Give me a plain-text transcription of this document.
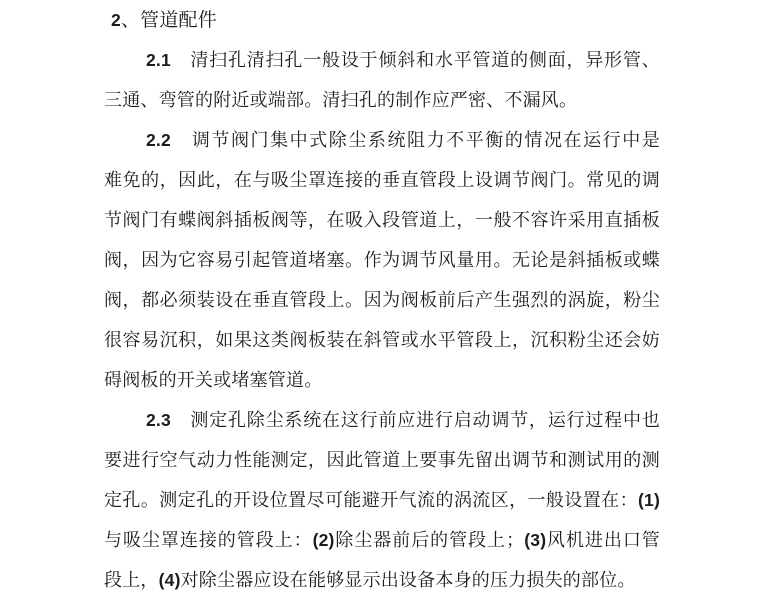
2、管道配件
2.1　清扫孔清扫孔一般设于倾斜和水平管道的侧面，异形管、
三通、弯管的附近或端部。清扫孔的制作应严密、不漏风。
2.2　调节阀门集中式除尘系统阻力不平衡的情况在运行中是
难免的，因此，在与吸尘罩连接的垂直管段上设调节阀门。常见的调
节阀门有蝶阀斜插板阀等，在吸入段管道上，一般不容许采用直插板
阀，因为它容易引起管道堵塞。作为调节风量用。无论是斜插板或蝶
阀，都必须装设在垂直管段上。因为阀板前后产生强烈的涡旋，粉尘
很容易沉积，如果这类阀板装在斜管或水平管段上，沉积粉尘还会妨
碍阀板的开关或堵塞管道。
2.3　测定孔除尘系统在这行前应进行启动调节，运行过程中也
要进行空气动力性能测定，因此管道上要事先留出调节和测试用的测
定孔。测定孔的开设位置尽可能避开气流的涡流区，一般设置在：(1)
与吸尘罩连接的管段上：(2)除尘器前后的管段上；(3)风机进出口管
段上，(4)对除尘器应设在能够显示出设备本身的压力损失的部位。
